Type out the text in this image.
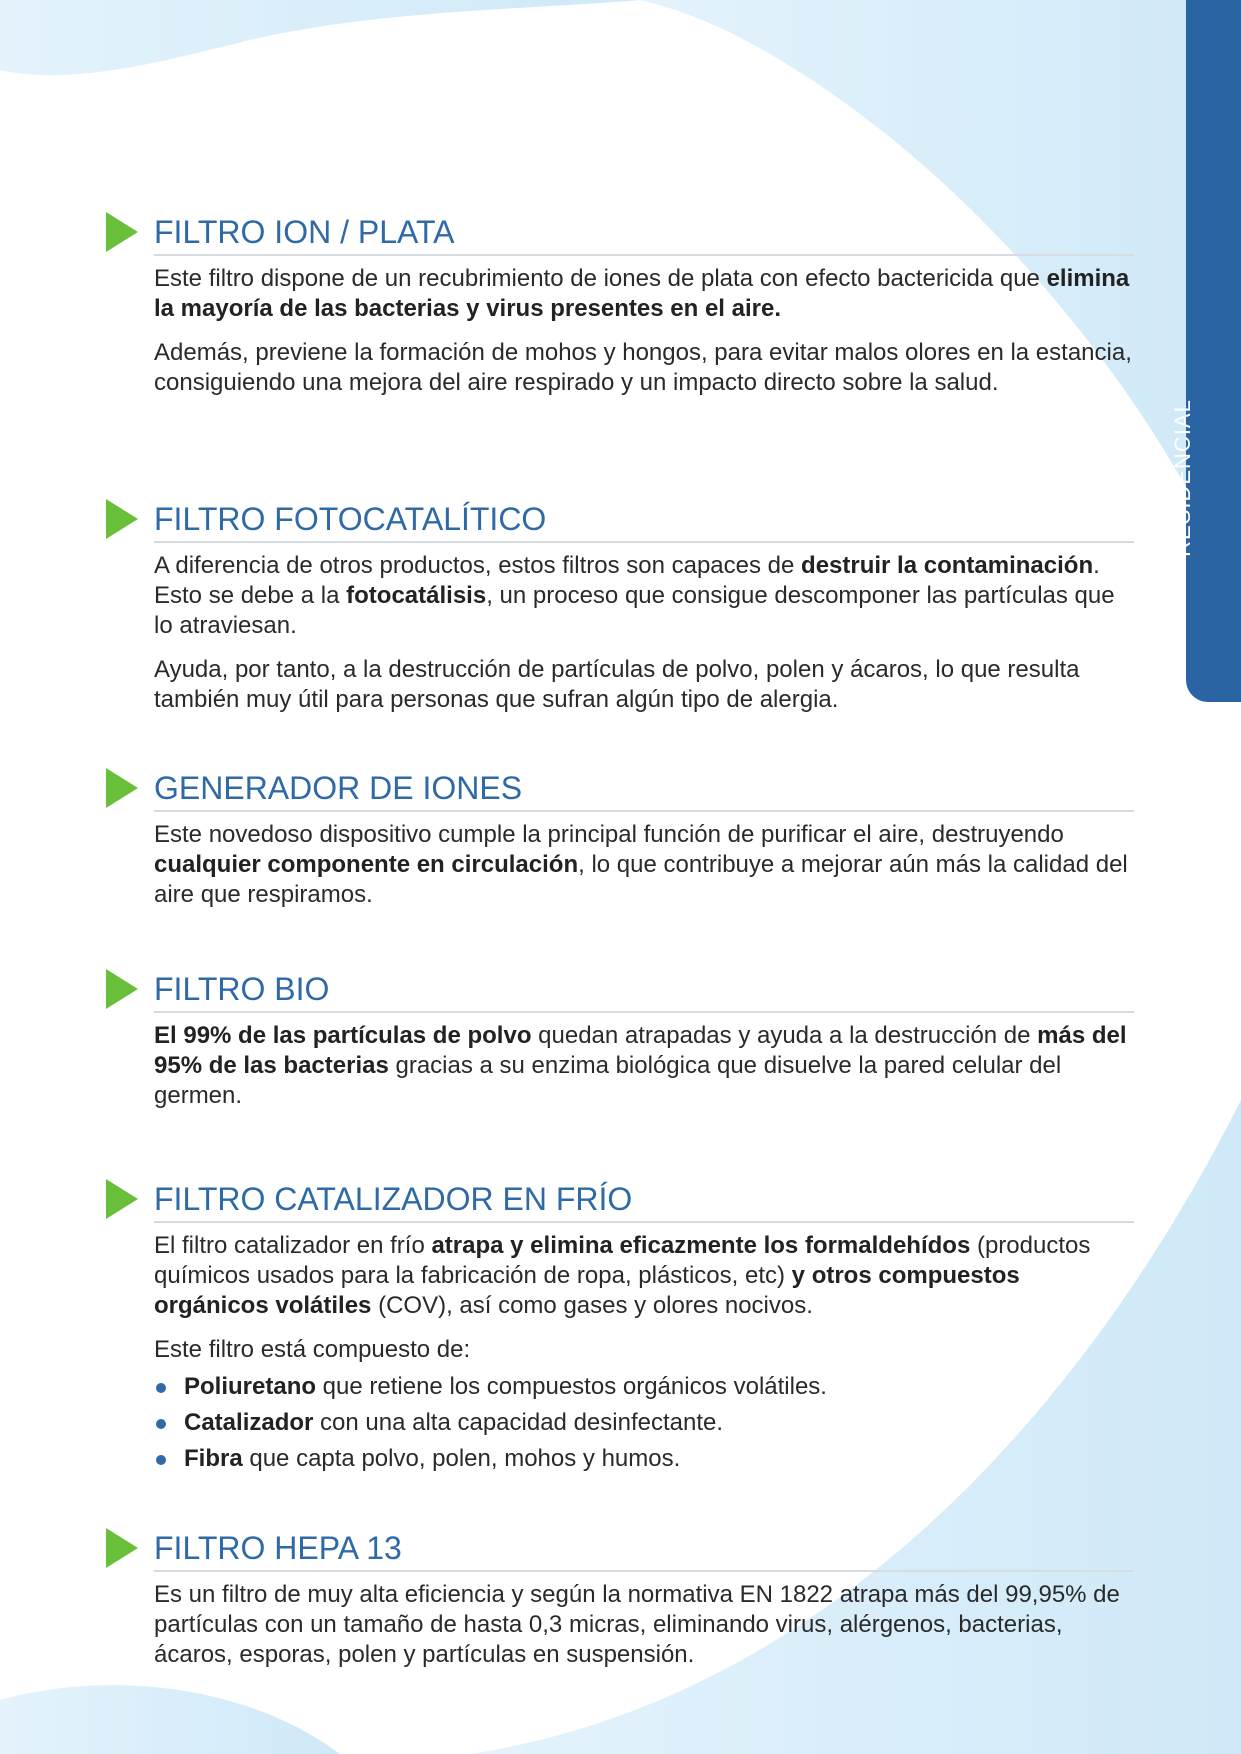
RESIDENCIAL
FILTRO ION / PLATA

Este filtro dispone de un recubrimiento de iones de plata con efecto bactericida que elimina la mayoría de las bacterias y virus presentes en el aire.

Además, previene la formación de mohos y hongos, para evitar malos olores en la estancia, consiguiendo una mejora del aire respirado y un impacto directo sobre la salud.

FILTRO FOTOCATALÍTICO

A diferencia de otros productos, estos filtros son capaces de destruir la contaminación. Esto se debe a la fotocatálisis, un proceso que consigue descomponer las partículas que lo atraviesan.

Ayuda, por tanto, a la destrucción de partículas de polvo, polen y ácaros, lo que resulta también muy útil para personas que sufran algún tipo de alergia.

GENERADOR DE IONES

Este novedoso dispositivo cumple la principal función de purificar el aire, destruyendo cualquier componente en circulación, lo que contribuye a mejorar aún más la calidad del aire que respiramos.

FILTRO BIO

El 99% de las partículas de polvo quedan atrapadas y ayuda a la destrucción de más del 95% de las bacterias gracias a su enzima biológica que disuelve la pared celular del germen.

FILTRO CATALIZADOR EN FRÍO

El filtro catalizador en frío atrapa y elimina eficazmente los formaldehídos (productos químicos usados para la fabricación de ropa, plásticos, etc) y otros compuestos orgánicos volátiles (COV), así como gases y olores nocivos.

Este filtro está compuesto de:

Poliuretano que retiene los compuestos orgánicos volátiles.
Catalizador con una alta capacidad desinfectante.
Fibra que capta polvo, polen, mohos y humos.
FILTRO HEPA 13

Es un filtro de muy alta eficiencia y según la normativa EN 1822 atrapa más del 99,95% de partículas con un tamaño de hasta 0,3 micras, eliminando virus, alérgenos, bacterias, ácaros, esporas, polen y partículas en suspensión.
